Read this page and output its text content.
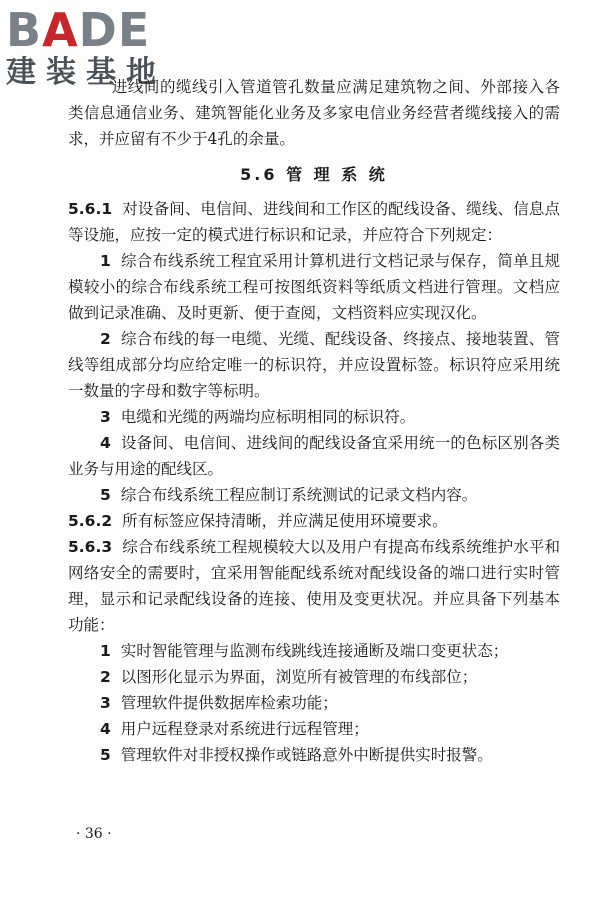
B A D E
建装基地

进线间的缆线引入管道管孔数量应满足建筑物之间、外部接入各类信息通信业务、建筑智能化业务及多家电信业务经营者缆线接入的需求，并应留有不少于4孔的余量。

5.6 管 理 系 统

5.6.1 对设备间、电信间、进线间和工作区的配线设备、缆线、信息点等设施，应按一定的模式进行标识和记录，并应符合下列规定：

1 综合布线系统工程宜采用计算机进行文档记录与保存，简单且规模较小的综合布线系统工程可按图纸资料等纸质文档进行管理。文档应做到记录准确、及时更新、便于查阅，文档资料应实现汉化。

2 综合布线的每一电缆、光缆、配线设备、终接点、接地装置、管线等组成部分均应给定唯一的标识符，并应设置标签。标识符应采用统一数量的字母和数字等标明。

3 电缆和光缆的两端均应标明相同的标识符。

4 设备间、电信间、进线间的配线设备宜采用统一的色标区别各类业务与用途的配线区。

5 综合布线系统工程应制订系统测试的记录文档内容。

5.6.2 所有标签应保持清晰，并应满足使用环境要求。

5.6.3 综合布线系统工程规模较大以及用户有提高布线系统维护水平和网络安全的需要时，宜采用智能配线系统对配线设备的端口进行实时管理，显示和记录配线设备的连接、使用及变更状况。并应具备下列基本功能：

1 实时智能管理与监测布线跳线连接通断及端口变更状态；

2 以图形化显示为界面，浏览所有被管理的布线部位；

3 管理软件提供数据库检索功能；

4 用户远程登录对系统进行远程管理；

5 管理软件对非授权操作或链路意外中断提供实时报警。

· 36 ·
